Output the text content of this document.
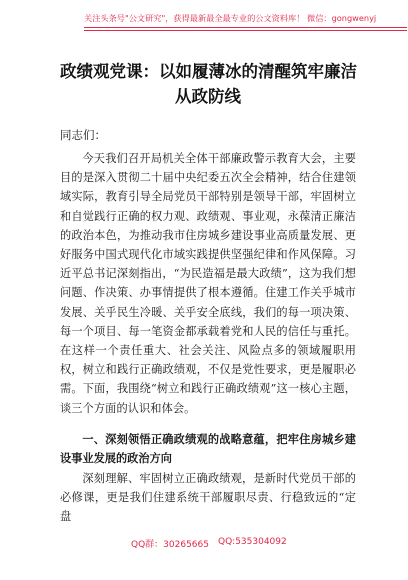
关注头条号"公文研究"，获得最新最全最专业的公文资料库！ 微信：gongwenyj
政绩观党课：以如履薄冰的清醒筑牢廉洁
从政防线
同志们：

今天我们召开局机关全体干部廉政警示教育大会，主要目的是深入贯彻二十届中央纪委五次全会精神，结合住建领域实际，教育引导全局党员干部特别是领导干部，牢固树立和自觉践行正确的权力观、政绩观、事业观，永葆清正廉洁的政治本色，为推动我市住房城乡建设事业高质量发展、更好服务中国式现代化市域实践提供坚强纪律和作风保障。习近平总书记深刻指出，“为民造福是最大政绩”，这为我们想问题、作决策、办事情提供了根本遵循。住建工作关乎城市发展、关乎民生冷暖、关乎安全底线，我们的每一项决策、每一个项目、每一笔资金都承载着党和人民的信任与重托。在这样一个责任重大、社会关注、风险点多的领域履职用权，树立和践行正确政绩观，不仅是党性要求，更是履职必需。下面，我围绕“树立和践行正确政绩观”这一核心主题，谈三个方面的认识和体会。

一、深刻领悟正确政绩观的战略意蕴，把牢住房城乡建设事业发展的政治方向

深刻理解、牢固树立正确政绩观，是新时代党员干部的必修课，更是我们住建系统干部履职尽责、行稳致远的“定盘

QQ群：30265665 QQ:535304092
